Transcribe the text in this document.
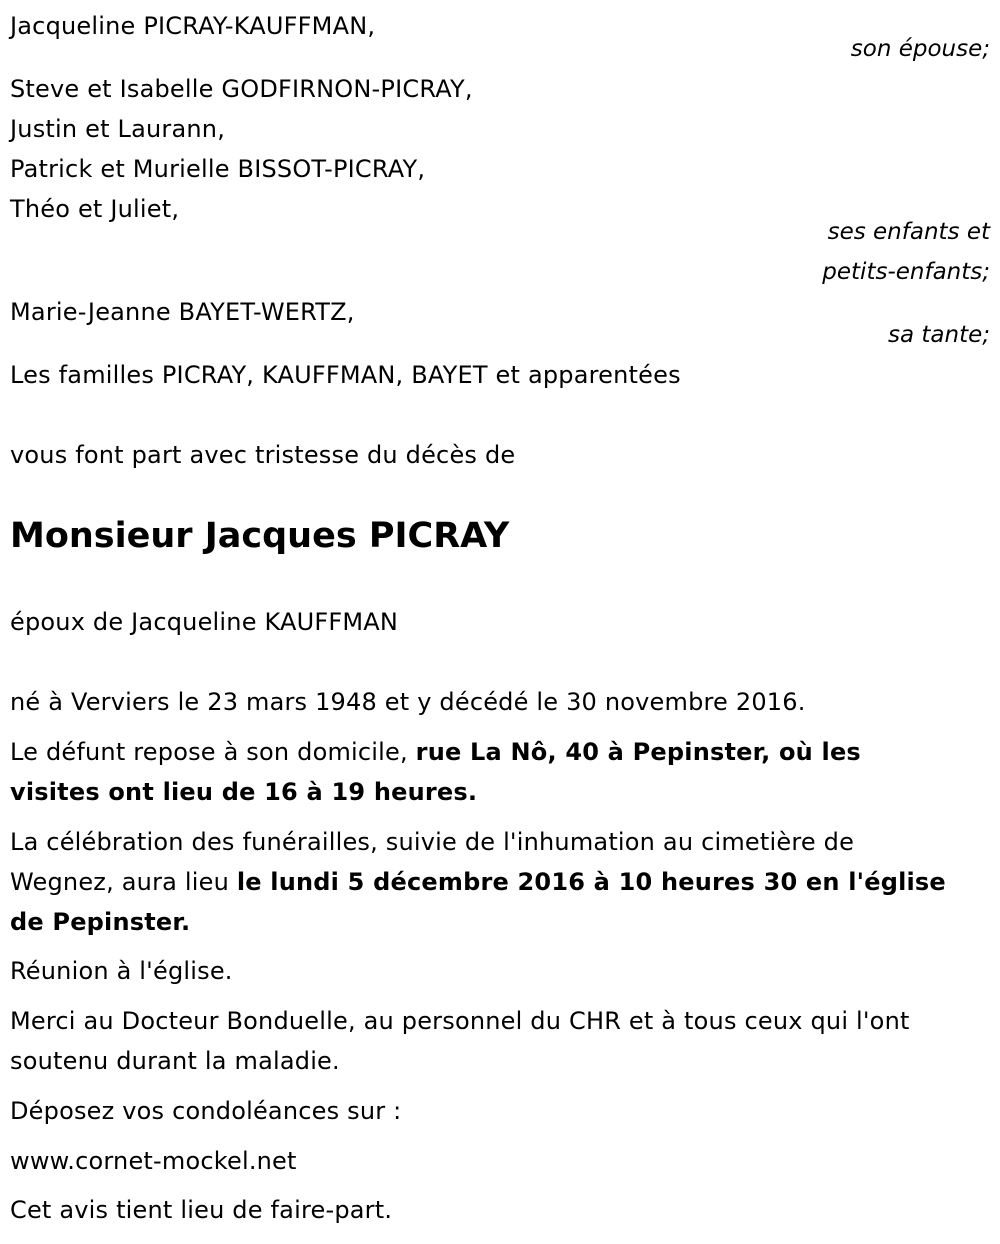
Jacqueline PICRAY-KAUFFMAN,
son épouse;
Steve et Isabelle GODFIRNON-PICRAY,
Justin et Laurann,
Patrick et Murielle BISSOT-PICRAY,
Théo et Juliet,
ses enfants et
petits-enfants;
Marie-Jeanne BAYET-WERTZ,
sa tante;
Les familles PICRAY, KAUFFMAN, BAYET et apparentées
vous font part avec tristesse du décès de
Monsieur Jacques PICRAY
époux de Jacqueline KAUFFMAN
né à Verviers le 23 mars 1948 et y décédé le 30 novembre 2016.
Le défunt repose à son domicile, rue La Nô, 40 à Pepinster, où les
visites ont lieu de 16 à 19 heures.
La célébration des funérailles, suivie de l'inhumation au cimetière de
Wegnez, aura lieu le lundi 5 décembre 2016 à 10 heures 30 en l'église
de Pepinster.
Réunion à l'église.
Merci au Docteur Bonduelle, au personnel du CHR et à tous ceux qui l'ont
soutenu durant la maladie.
Déposez vos condoléances sur :
www.cornet-mockel.net
Cet avis tient lieu de faire-part.
